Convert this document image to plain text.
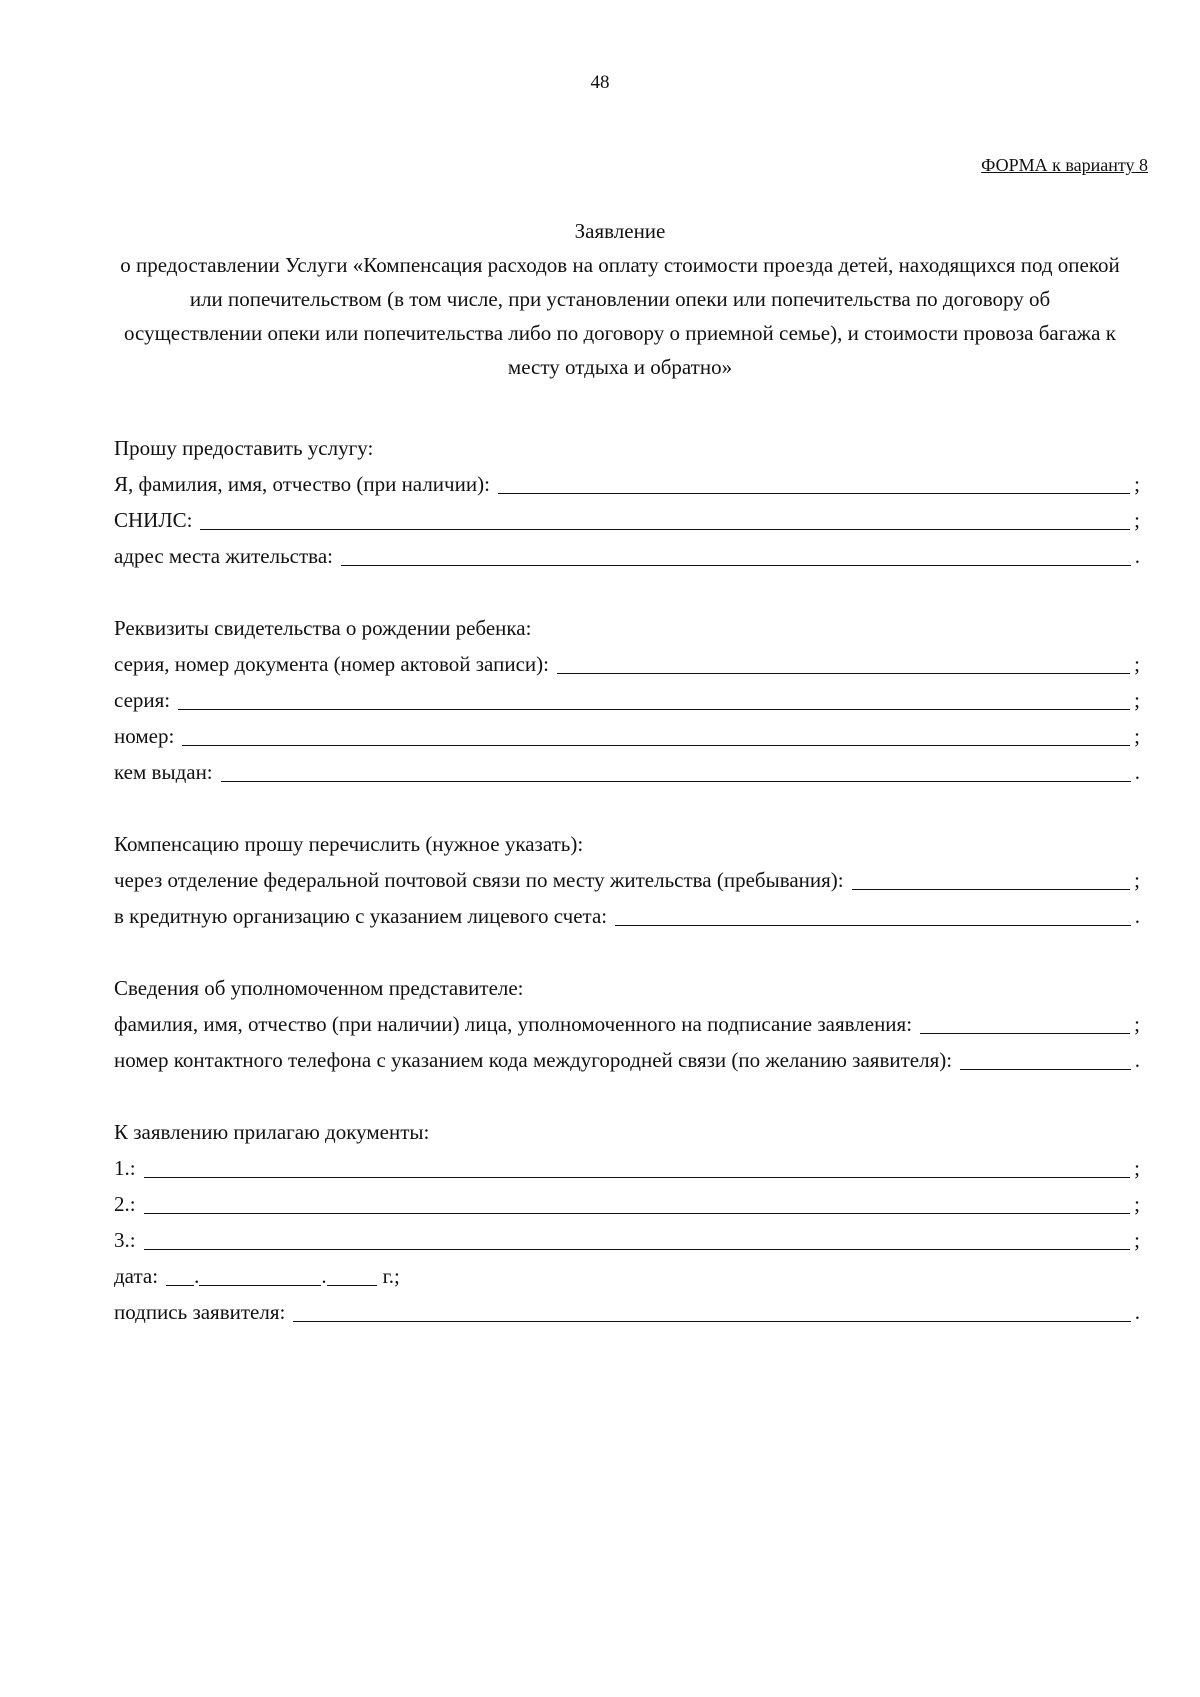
48
ФОРМА к варианту 8
Заявление
о предоставлении Услуги «Компенсация расходов на оплату стоимости проезда детей, находящихся под опекой или попечительством (в том числе, при установлении опеки или попечительства по договору об осуществлении опеки или попечительства либо по договору о приемной семье), и стоимости провоза багажа к месту отдыха и обратно»
Прошу предоставить услугу:
Я, фамилия, имя, отчество (при наличии):	;
СНИЛС:	;
адрес места жительства:	.
Реквизиты свидетельства о рождении ребенка:
серия, номер документа (номер актовой записи):	;
серия:	;
номер:	;
кем выдан:	.
Компенсацию прошу перечислить (нужное указать):
через отделение федеральной почтовой связи по месту жительства (пребывания):	;
в кредитную организацию с указанием лицевого счета:	.
Сведения об уполномоченном представителе:
фамилия, имя, отчество (при наличии) лица, уполномоченного на подписание заявления:	;
номер контактного телефона с указанием кода междугородней связи (по желанию заявителя):	.
К заявлению прилагаю документы:
1.:	;
2.:	;
3.:	;
дата: .	.	г.;
подпись заявителя:	.
